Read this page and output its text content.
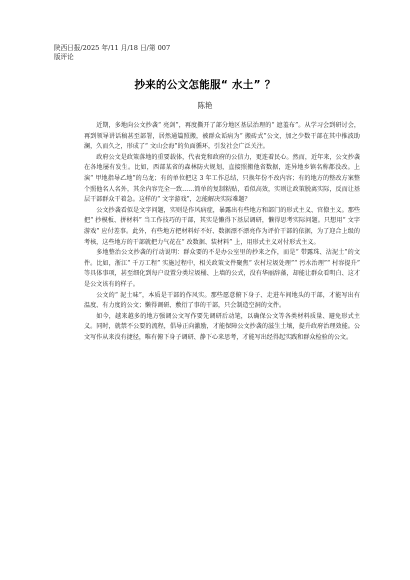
陕西日报/2025 年/11 月/18 日/第 007
版评论
抄来的公文怎能服“ 水土” ？
陈艳

近期，多地向公文抄袭“ 亮剑”，再度撕开了部分地区基层治理的“ 遮羞布”。从学习会到研讨会，再到领导讲话稿甚至部署，居然通篇照搬，被群众诟病为“ 搬砖式”公文，加之少数干部在其中推波助澜，久而久之，形成了“ 文山会海”的负面循环，引发社会广泛关注。

政府公文是政策落地的重要载体，代表党和政府的公信力，更连着民心。然而，近年来，公文抄袭在各地屡有发生。比如，西部某省的森林防火规划，直接照搬他省数据，连异地乡镇名称都没改。上演“ 甲地指导乙地”的乌龙；有的单位把这 3 年工作总结，只换年份不改内容；有的地方的整改方案整个照他名人名外，其余内容完全一致……简单的复制粘贴，看似高效，实则让政策脱离实际，反而让基层干部群众干着急。这样的“ 文字游戏”，怎能解决实际难题？

公文抄袭看似是文字问题，实则是作风病症，暴露出有些地方和部门的形式主义、官僚主义。那些把“ 抄模板、拼材料” 当工作技巧的干部，其实是懒得下基层调研，懒得思考实际问题。只想用“ 文字游戏” 应付差事。此外，有些地方把材料好不好、数据漂不漂亮作为评价干部的依据，为了迎合上级的考核，这些地方的干部就把力气花在“ 改数据、装材料” 上，用形式主义对付形式主义。

多地整治公文抄袭的行动说明：群众要的不是办公室里的抄来之作，而是“ 带露珠、沾泥土”的文件。比如，浙江“ 千万工程” 实施过程中，相关政策文件聚焦“ 农村垃圾处理”“ 污水治理”“ 村容提升” 等具体事项，甚至细化到每户设置分类垃圾桶、上墙的公式，没有华丽辞藻，却能让群众看明白、这才是公文该有的样子。

公文的“ 泥土味”，本质是干部的作风实。那些愿意俯下身子、走进车间地头的干部，才能写出有温度、有力度的公文；懒得调研、敷衍了事的干部，只会制造空洞的文件。

如今，越来越多的地方强调公文写作要先调研后动笔，以确保公文等各类材料质量、避免形式主义。同时，就禁不公要的流程，倡导正向激励，才能保障公文抄袭的滋生土壤，提升政府治理效能。公文写作从来没有捷径，唯有俯下身子调研、静下心来思考，才能写出经得起实践和群众检验的公文。
